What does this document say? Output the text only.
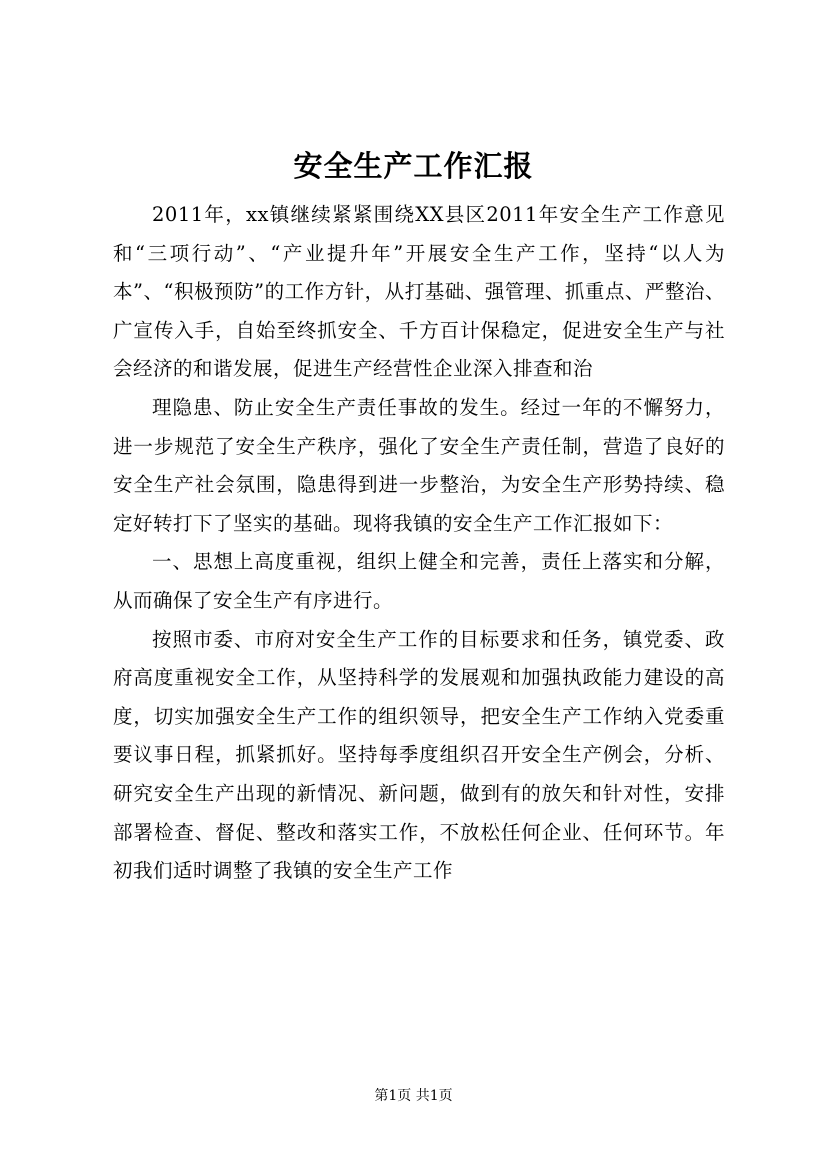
安全生产工作汇报

2011年，xx镇继续紧紧围绕XX县区2011年安全生产工作意见和“三项行动”、“产业提升年”开展安全生产工作，坚持“以人为本”、“积极预防”的工作方针，从打基础、强管理、抓重点、严整治、广宣传入手，自始至终抓安全、千方百计保稳定，促进安全生产与社会经济的和谐发展，促进生产经营性企业深入排查和治

理隐患、防止安全生产责任事故的发生。经过一年的不懈努力，进一步规范了安全生产秩序，强化了安全生产责任制，营造了良好的安全生产社会氛围，隐患得到进一步整治，为安全生产形势持续、稳定好转打下了坚实的基础。现将我镇的安全生产工作汇报如下：

一、思想上高度重视，组织上健全和完善，责任上落实和分解，从而确保了安全生产有序进行。

按照市委、市府对安全生产工作的目标要求和任务，镇党委、政府高度重视安全工作，从坚持科学的发展观和加强执政能力建设的高度，切实加强安全生产工作的组织领导，把安全生产工作纳入党委重要议事日程，抓紧抓好。坚持每季度组织召开安全生产例会，分析、研究安全生产出现的新情况、新问题，做到有的放矢和针对性，安排部署检查、督促、整改和落实工作，不放松任何企业、任何环节。年初我们适时调整了我镇的安全生产工作

第1页 共1页
